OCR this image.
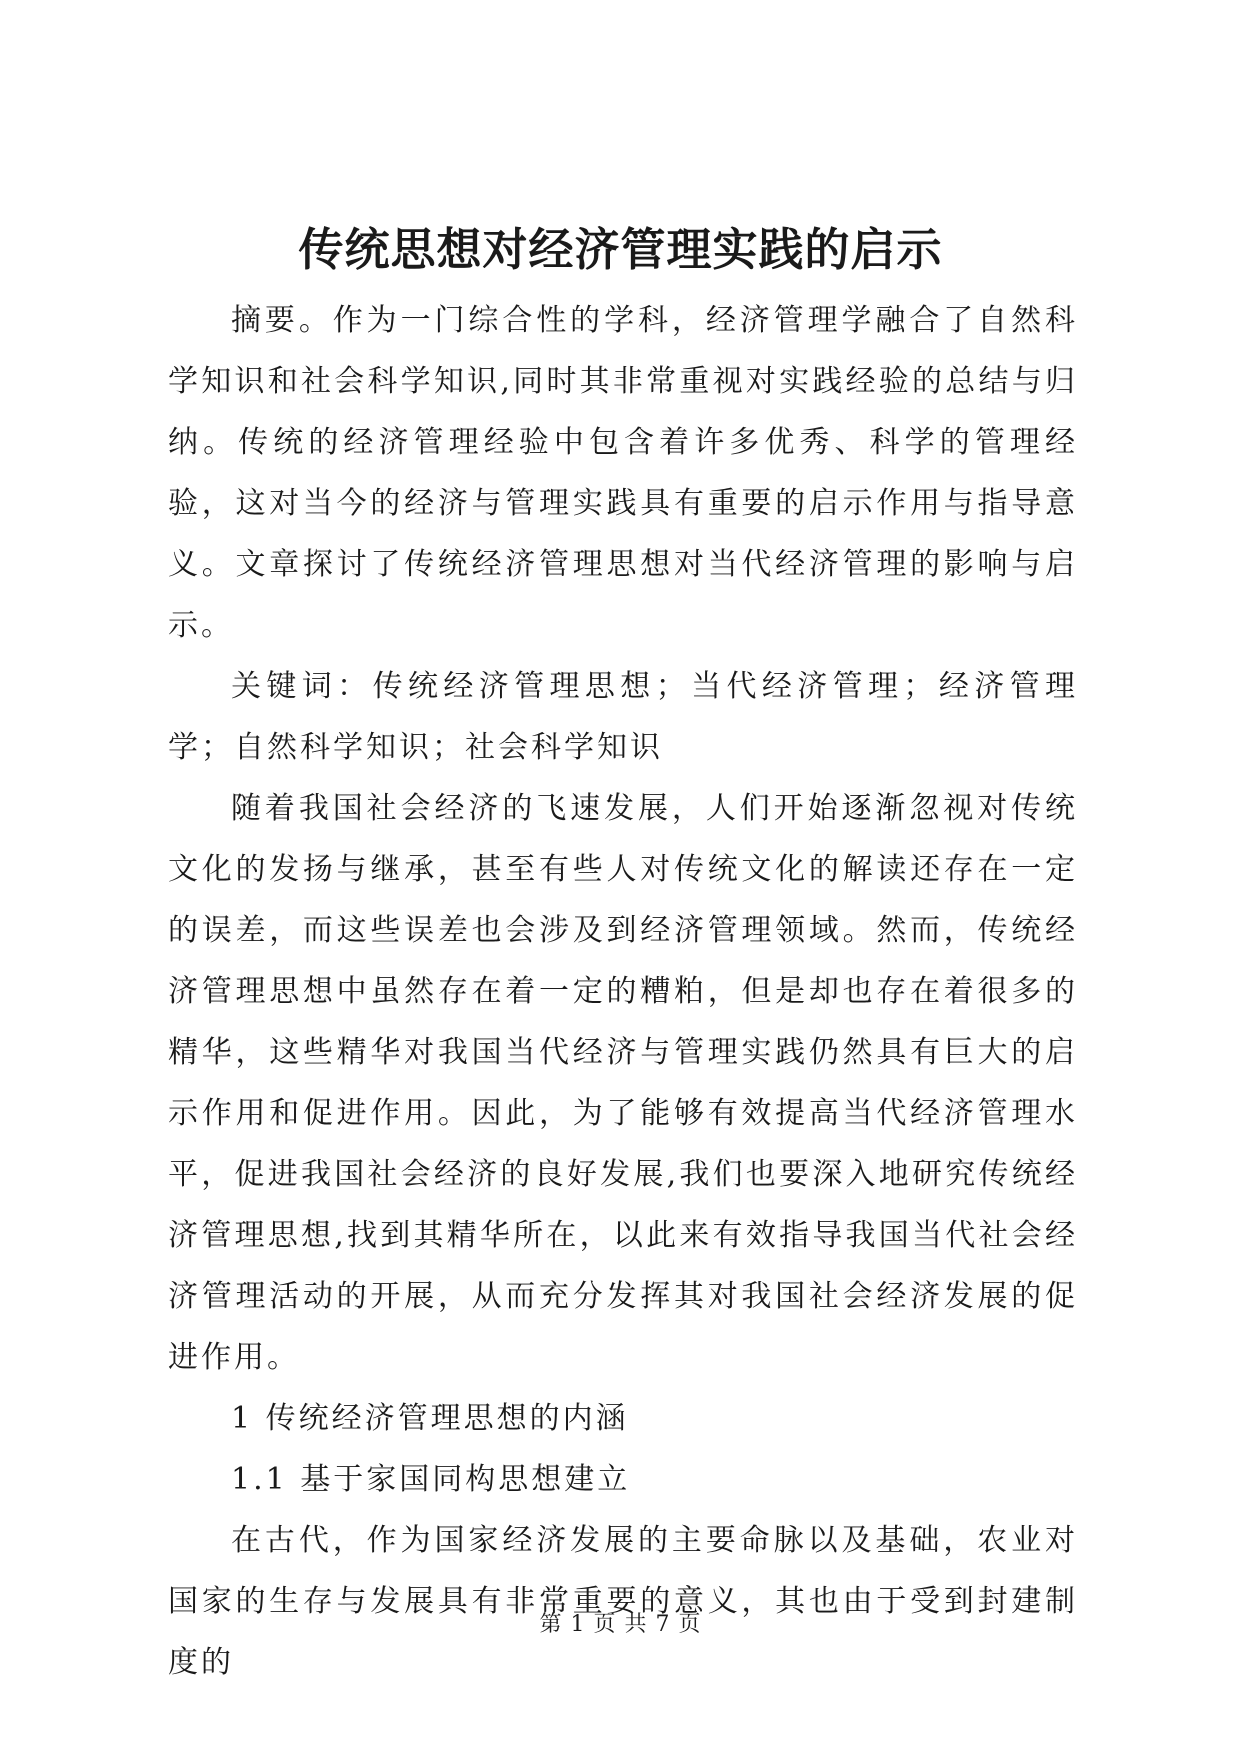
传统思想对经济管理实践的启示

摘要。作为一门综合性的学科，经济管理学融合了自然科学知识和社会科学知识,同时其非常重视对实践经验的总结与归纳。传统的经济管理经验中包含着许多优秀、科学的管理经验，这对当今的经济与管理实践具有重要的启示作用与指导意义。文章探讨了传统经济管理思想对当代经济管理的影响与启示。

关键词：传统经济管理思想；当代经济管理；经济管理学；自然科学知识；社会科学知识

随着我国社会经济的飞速发展，人们开始逐渐忽视对传统文化的发扬与继承，甚至有些人对传统文化的解读还存在一定的误差，而这些误差也会涉及到经济管理领域。然而，传统经济管理思想中虽然存在着一定的糟粕，但是却也存在着很多的精华，这些精华对我国当代经济与管理实践仍然具有巨大的启示作用和促进作用。因此，为了能够有效提高当代经济管理水平，促进我国社会经济的良好发展,我们也要深入地研究传统经济管理思想,找到其精华所在，以此来有效指导我国当代社会经济管理活动的开展，从而充分发挥其对我国社会经济发展的促进作用。

1 传统经济管理思想的内涵

1.1 基于家国同构思想建立

在古代，作为国家经济发展的主要命脉以及基础，农业对国家的生存与发展具有非常重要的意义，其也由于受到封建制度的

第 1 页 共 7 页
